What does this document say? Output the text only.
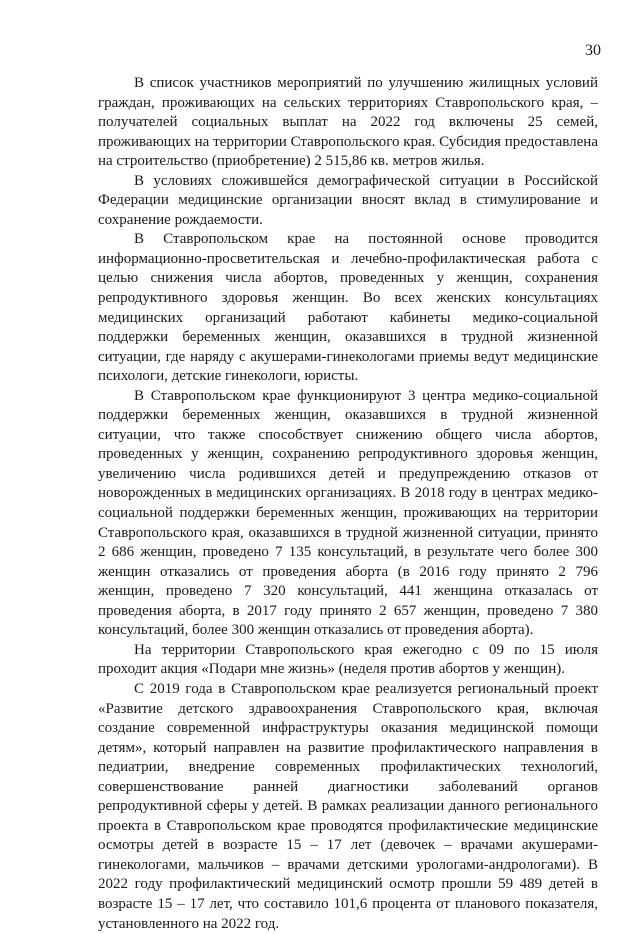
30

В список участников мероприятий по улучшению жилищных условий граждан, проживающих на сельских территориях Ставропольского края, – получателей социальных выплат на 2022 год включены 25 семей, проживающих на территории Ставропольского края. Субсидия предоставлена на строительство (приобретение) 2 515,86 кв. метров жилья.

В условиях сложившейся демографической ситуации в Российской Федерации медицинские организации вносят вклад в стимулирование и сохранение рождаемости.

В Ставропольском крае на постоянной основе проводится информационно-просветительская и лечебно-профилактическая работа с целью снижения числа абортов, проведенных у женщин, сохранения репродуктивного здоровья женщин. Во всех женских консультациях медицинских организаций работают кабинеты медико-социальной поддержки беременных женщин, оказавшихся в трудной жизненной ситуации, где наряду с акушерами-гинекологами приемы ведут медицинские психологи, детские гинекологи, юристы.

В Ставропольском крае функционируют 3 центра медико-социальной поддержки беременных женщин, оказавшихся в трудной жизненной ситуации, что также способствует снижению общего числа абортов, проведенных у женщин, сохранению репродуктивного здоровья женщин, увеличению числа родившихся детей и предупреждению отказов от новорожденных в медицинских организациях. В 2018 году в центрах медико-социальной поддержки беременных женщин, проживающих на территории Ставропольского края, оказавшихся в трудной жизненной ситуации, принято 2 686 женщин, проведено 7 135 консультаций, в результате чего более 300 женщин отказались от проведения аборта (в 2016 году принято 2 796 женщин, проведено 7 320 консультаций, 441 женщина отказалась от проведения аборта, в 2017 году принято 2 657 женщин, проведено 7 380 консультаций, более 300 женщин отказались от проведения аборта).

На территории Ставропольского края ежегодно с 09 по 15 июля проходит акция «Подари мне жизнь» (неделя против абортов у женщин).

С 2019 года в Ставропольском крае реализуется региональный проект «Развитие детского здравоохранения Ставропольского края, включая создание современной инфраструктуры оказания медицинской помощи детям», который направлен на развитие профилактического направления в педиатрии, внедрение современных профилактических технологий, совершенствование ранней диагностики заболеваний органов репродуктивной сферы у детей. В рамках реализации данного регионального проекта в Ставропольском крае проводятся профилактические медицинские осмотры детей в возрасте 15 – 17 лет (девочек – врачами акушерами-гинекологами, мальчиков – врачами детскими урологами-андрологами). В 2022 году профилактический медицинский осмотр прошли 59 489 детей в возрасте 15 – 17 лет, что составило 101,6 процента от планового показателя, установленного на 2022 год.
